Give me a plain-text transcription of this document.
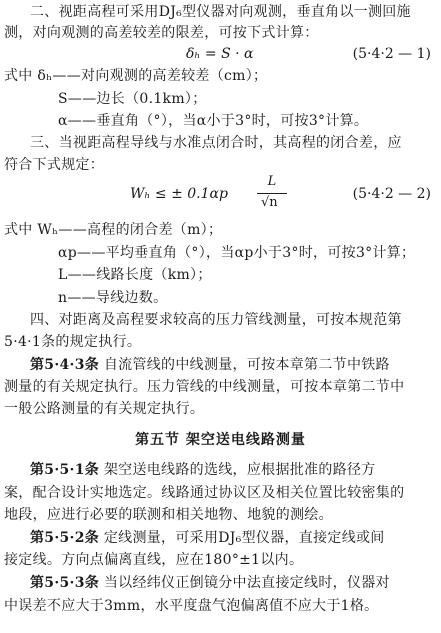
二、视距高程可采用DJ₆型仪器对向观测，垂直角以一测回施
测，对向观测的高差较差的限差，可按下式计算：
δₕ = S · α	(5·4·2 — 1)
式中 δₕ——对向观测的高差较差（cm）；
S——边长（0.1km）；
α——垂直角（°），当α小于3°时，可按3°计算。
三、当视距高程导线与水准点闭合时，其高程的闭合差，应
符合下式规定：
Wₕ ≤ ± 0.1αp
L
√n
(5·4·2 — 2)
式中 Wₕ——高程的闭合差（m）；
αp——平均垂直角（°），当αp小于3°时，可按3°计算；
L——线路长度（km）；
n——导线边数。
四、对距离及高程要求较高的压力管线测量，可按本规范第
5·4·1条的规定执行。
第5·4·3条 自流管线的中线测量，可按本章第二节中铁路
测量的有关规定执行。压力管线的中线测量，可按本章第二节中
一般公路测量的有关规定执行。
第五节 架空送电线路测量
第5·5·1条 架空送电线路的选线，应根据批准的路径方
案，配合设计实地选定。线路通过协议区及相关位置比较密集的
地段，应进行必要的联测和相关地物、地貌的测绘。
第5·5·2条 定线测量，可采用DJ₆型仪器，直接定线或间
接定线。方向点偏离直线，应在180°±1以内。
第5·5·3条 当以经纬仪正倒镜分中法直接定线时，仪器对
中误差不应大于3mm，水平度盘气泡偏离值不应大于1格。
